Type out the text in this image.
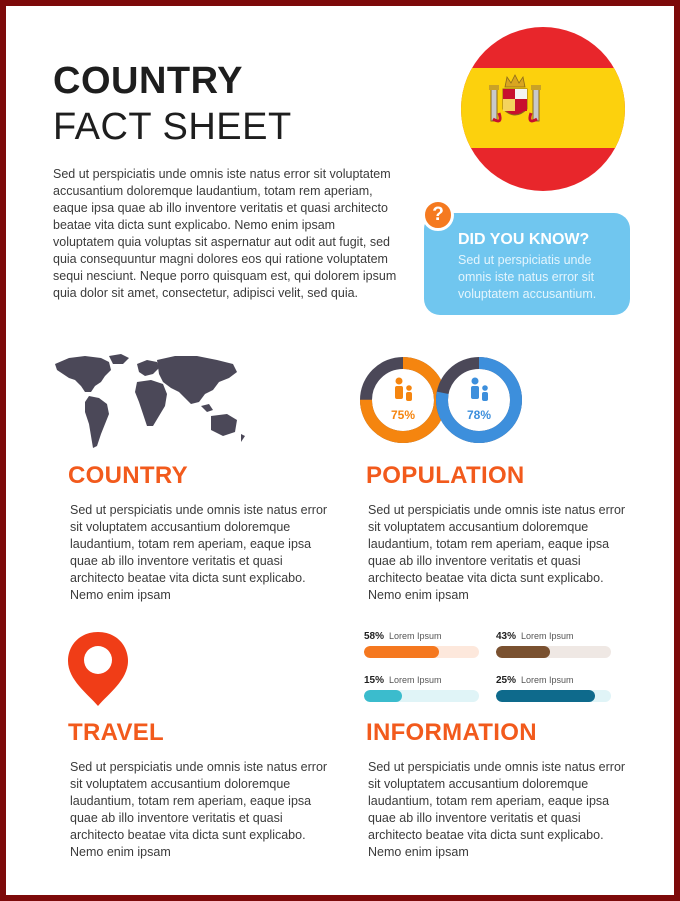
COUNTRY
FACT SHEET
Sed ut perspiciatis unde omnis iste natus error sit voluptatem accusantium doloremque laudantium, totam rem aperiam, eaque ipsa quae ab illo inventore veritatis et quasi architecto beatae vita dicta sunt explicabo. Nemo enim ipsam voluptatem quia voluptas sit aspernatur aut odit aut fugit, sed quia consequuntur magni dolores eos qui ratione voluptatem sequi nesciunt. Neque porro quisquam est, qui dolorem ipsum quia dolor sit amet, consectetur, adipisci velit, sed quia.
DID YOU KNOW?
Sed ut perspiciatis unde omnis iste natus error sit voluptatem accusantium.
?
75%	78%
COUNTRY
Sed ut perspiciatis unde omnis iste natus error sit voluptatem accusantium doloremque laudantium, totam rem aperiam, eaque ipsa quae ab illo inventore veritatis et quasi architecto beatae vita dicta sunt explicabo. Nemo enim ipsam
POPULATION
Sed ut perspiciatis unde omnis iste natus error sit voluptatem accusantium doloremque laudantium, totam rem aperiam, eaque ipsa quae ab illo inventore veritatis et quasi architecto beatae vita dicta sunt explicabo. Nemo enim ipsam
58% Lorem Ipsum	43% Lorem Ipsum
15% Lorem Ipsum	25% Lorem Ipsum
TRAVEL
Sed ut perspiciatis unde omnis iste natus error sit voluptatem accusantium doloremque laudantium, totam rem aperiam, eaque ipsa quae ab illo inventore veritatis et quasi architecto beatae vita dicta sunt explicabo. Nemo enim ipsam
INFORMATION
Sed ut perspiciatis unde omnis iste natus error sit voluptatem accusantium doloremque laudantium, totam rem aperiam, eaque ipsa quae ab illo inventore veritatis et quasi architecto beatae vita dicta sunt explicabo. Nemo enim ipsam
